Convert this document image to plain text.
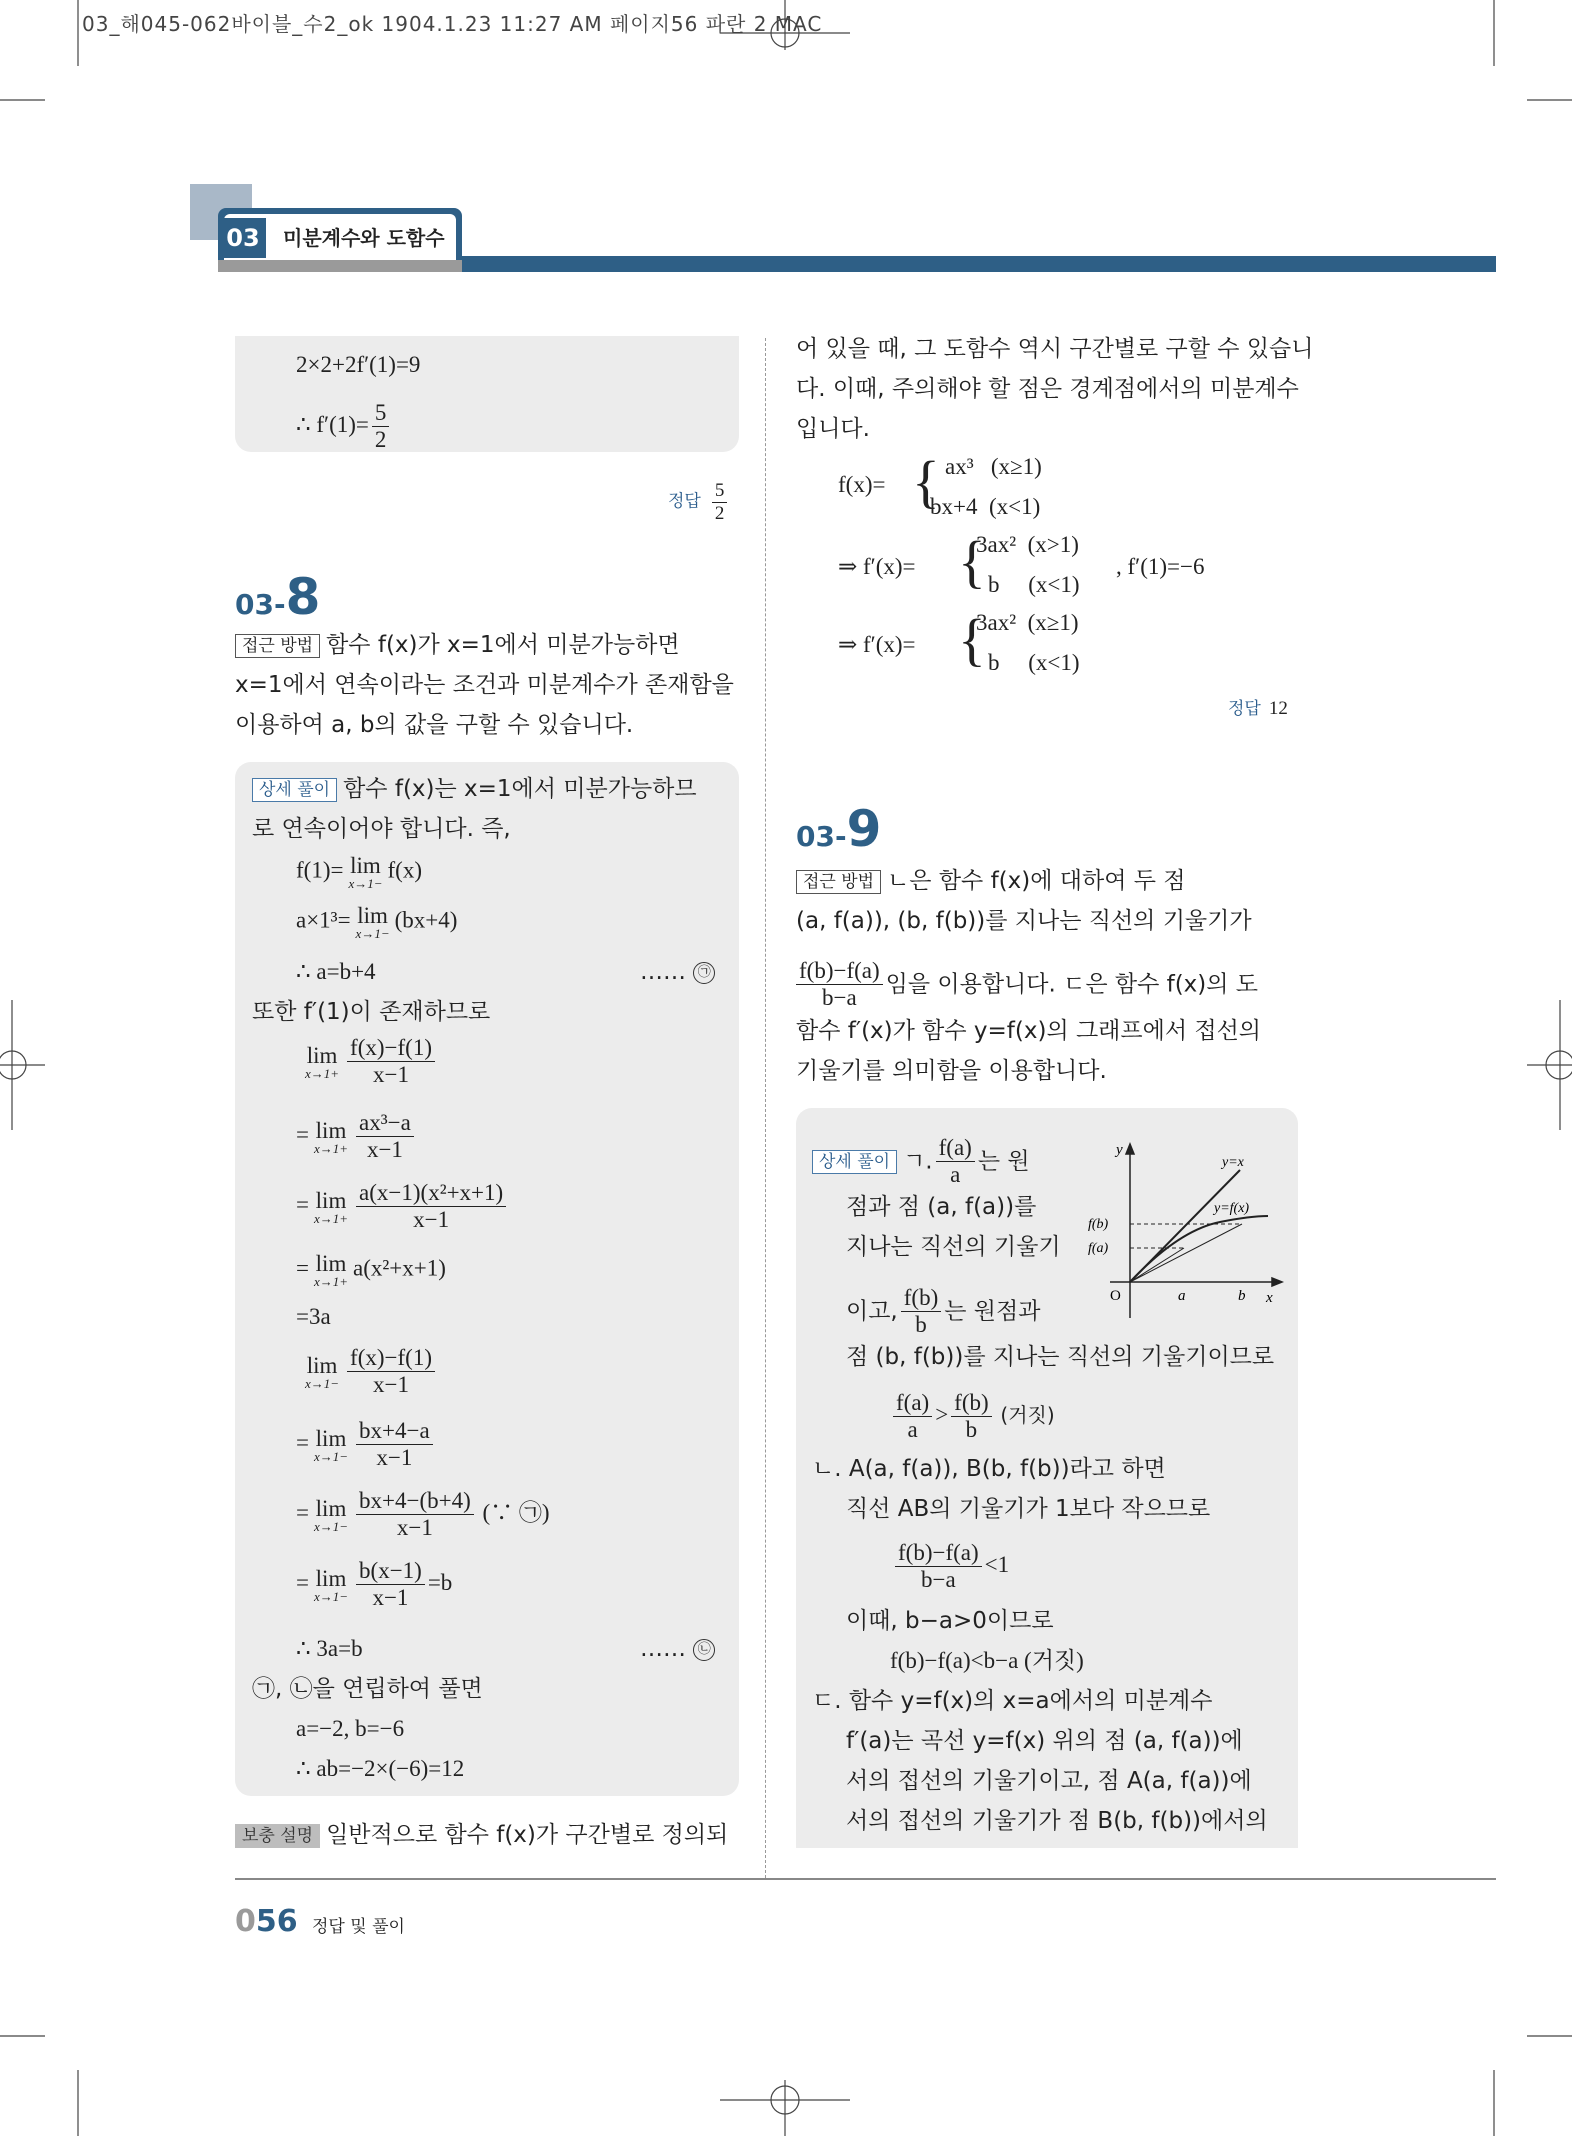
03_해045-062바이블_수2_ok 1904.1.23 11:27 AM 페이지56 파란 2 MAC
03	미분계수와 도함수
2×2+2f′(1)=9
∴ $f'(1)= \frac{5}{2}$
정답 $\frac{5}{2}$
03-8
접근 방법 함수 f(x)가 x=1에서 미분가능하면
x=1에서 연속이라는 조건과 미분계수가 존재함을
이용하여 a, b의 값을 구할 수 있습니다.
상세 풀이 함수 f(x)는 x=1에서 미분가능하므
로 연속이어야 합니다. 즉,
f(1)= lim
x→1−
f(x)
a×1³= lim
x→1−
(bx+4)
∴ a=b+4	…… ㉠
또한 f′(1)이 존재하므로
lim
$x\to 1+ \frac{f(x)-f(1)}{x-1}$
= lim
$x\to 1+ \frac{\text{ax³−a}}{x-1}$
= lim
$x\to 1+ \frac{\text{a(x−1)(x²+x+1)}}{x-1}$
= lim
x→1+
a(x²+x+1)
=3a
lim
$x\to 1- \frac{f(x)-f(1)}{x-1}$
= lim
$x\to 1- \frac{bx+4-a}{x-1}$
= lim
$x\to 1- \frac{bx+4-(b+4)}{x-1}$ (∵ ㉠)
= lim
$x\to 1- \frac{b(x-1)}{x-1} =b$
∴ 3a=b	…… ㉡
㉠, ㉡을 연립하여 풀면
a=−2, b=−6
∴ ab=−2×(−6)=12
보충 설명 일반적으로 함수 f(x)가 구간별로 정의되
어 있을 때, 그 도함수 역시 구간별로 구할 수 있습니
다. 이때, 주의해야 할 점은 경계점에서의 미분계수
입니다.
f(x)= { ax³   (x≥1)
bx+4  (x<1)
⇒ f′(x)= {
3ax²  (x>1)
b     (x<1)
, f′(1)=−6
⇒ f′(x)= {
3ax²  (x≥1)
b     (x<1)
정답 12
03-9
접근 방법 ㄴ은 함수 f(x)에 대하여 두 점
(a, f(a)), (b, f(b))를 지나는 직선의 기울기가
$\frac{f(b)-f(a)}{b-a}$ 임을 이용합니다. ㄷ은 함수 f(x)의 도
함수 f′(x)가 함수 y=f(x)의 그래프에서 접선의
기울기를 의미함을 이용합니다.
상세 풀이 ㄱ. $\frac{f(a)}{a}$ 는 원
점과 점 (a, f(a))를
지나는 직선의 기울기
이고, $\frac{f(b)}{b}$ 는 원점과
y
x
O	a	b
f(b)
f(a)
y=x
y=f(x)
점 (b, f(b))를 지나는 직선의 기울기이므로
$\frac{f(a)}{a} > \frac{f(b)}{b}$ (거짓)
ㄴ. A(a, f(a)), B(b, f(b))라고 하면
직선 AB의 기울기가 1보다 작으므로
$\frac{f(b)-f(a)}{b-a} <1$
이때, b−a>0이므로
f(b)−f(a)<b−a (거짓)
ㄷ. 함수 y=f(x)의 x=a에서의 미분계수
f′(a)는 곡선 y=f(x) 위의 점 (a, f(a))에
서의 접선의 기울기이고, 점 A(a, f(a))에
서의 접선의 기울기가 점 B(b, f(b))에서의
056 정답 및 풀이
